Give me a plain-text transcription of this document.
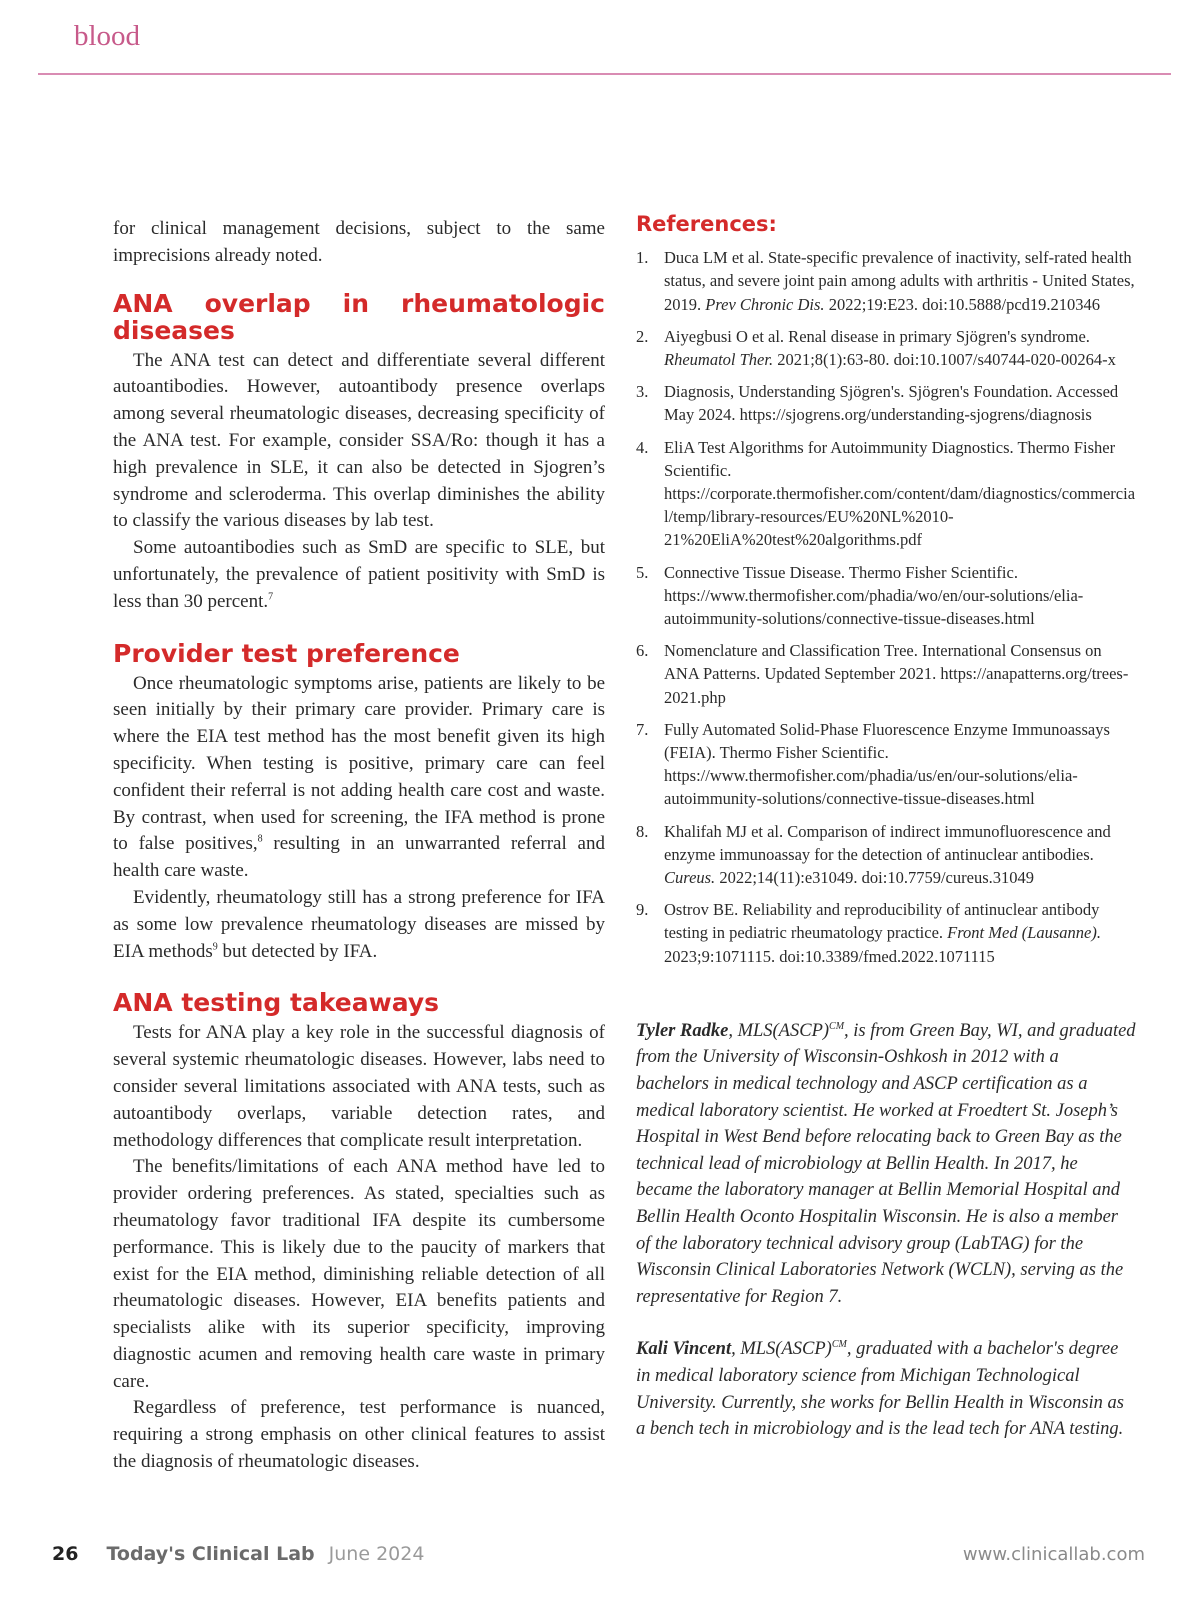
blood

for clinical management decisions, subject to the same imprecisions already noted.

ANA overlap in rheumatologic diseases

The ANA test can detect and differentiate several different autoantibodies. However, autoantibody presence overlaps among several rheumatologic diseases, decreasing specificity of the ANA test. For example, consider SSA/Ro: though it has a high prevalence in SLE, it can also be detected in Sjogren’s syndrome and scleroderma. This overlap diminishes the ability to classify the various diseases by lab test.

Some autoantibodies such as SmD are specific to SLE, but unfortunately, the prevalence of patient positivity with SmD is less than 30 percent.$^7$

Provider test preference

Once rheumatologic symptoms arise, patients are likely to be seen initially by their primary care provider. Primary care is where the EIA test method has the most benefit given its high specificity. When testing is positive, primary care can feel confident their referral is not adding health care cost and waste. By contrast, when used for screening, the IFA method is prone to false positives,$^8$ resulting in an unwarranted referral and health care waste.

Evidently, rheumatology still has a strong preference for IFA as some low prevalence rheumatology diseases are missed by EIA methods$^9$ but detected by IFA.

ANA testing takeaways

Tests for ANA play a key role in the successful diagnosis of several systemic rheumatologic diseases. However, labs need to consider several limitations associated with ANA tests, such as autoantibody overlaps, variable detection rates, and methodology differences that complicate result interpretation.

The benefits/limitations of each ANA method have led to provider ordering preferences. As stated, specialties such as rheumatology favor traditional IFA despite its cumbersome performance. This is likely due to the paucity of markers that exist for the EIA method, diminishing reliable detection of all rheumatologic diseases. However, EIA benefits patients and specialists alike with its superior specificity, improving diagnostic acumen and removing health care waste in primary care.

Regardless of preference, test performance is nuanced, requiring a strong emphasis on other clinical features to assist the diagnosis of rheumatologic diseases.

References:
1. Duca LM et al. State-specific prevalence of inactivity, self-rated health status, and severe joint pain among adults with arthritis - United States, 2019. Prev Chronic Dis. 2022;19:E23. doi:10.5888/pcd19.210346
2. Aiyegbusi O et al. Renal disease in primary Sjögren's syndrome. Rheumatol Ther. 2021;8(1):63-80. doi:10.1007/s40744-020-00264-x
3. Diagnosis, Understanding Sjögren's. Sjögren's Foundation. Accessed May 2024. https://sjogrens.org/understanding-sjogrens/diagnosis
4. EliA Test Algorithms for Autoimmunity Diagnostics. Thermo Fisher Scientific. https://corporate.thermofisher.com/content/dam/diagnostics/commercial/temp/library-resources/EU%20NL%2010-21%20EliA%20test%20algorithms.pdf
5. Connective Tissue Disease. Thermo Fisher Scientific. https://www.thermofisher.com/phadia/wo/en/our-solutions/elia-autoimmunity-solutions/connective-tissue-diseases.html
6. Nomenclature and Classification Tree. International Consensus on ANA Patterns. Updated September 2021. https://anapatterns.org/trees-2021.php
7. Fully Automated Solid-Phase Fluorescence Enzyme Immunoassays (FEIA). Thermo Fisher Scientific. https://www.thermofisher.com/phadia/us/en/our-solutions/elia-autoimmunity-solutions/connective-tissue-diseases.html
8. Khalifah MJ et al. Comparison of indirect immunofluorescence and enzyme immunoassay for the detection of antinuclear antibodies. Cureus. 2022;14(11):e31049. doi:10.7759/cureus.31049
9. Ostrov BE. Reliability and reproducibility of antinuclear antibody testing in pediatric rheumatology practice. Front Med (Lausanne). 2023;9:1071115. doi:10.3389/fmed.2022.1071115

Tyler Radke, MLS(ASCP)$^{CM}$, is from Green Bay, WI, and graduated from the University of Wisconsin-Oshkosh in 2012 with a bachelors in medical technology and ASCP certification as a medical laboratory scientist. He worked at Froedtert St. Joseph’s Hospital in West Bend before relocating back to Green Bay as the technical lead of microbiology at Bellin Health. In 2017, he became the laboratory manager at Bellin Memorial Hospital and Bellin Health Oconto Hospitalin Wisconsin. He is also a member of the laboratory technical advisory group (LabTAG) for the Wisconsin Clinical Laboratories Network (WCLN), serving as the representative for Region 7.

Kali Vincent, MLS(ASCP)$^{CM}$, graduated with a bachelor's degree in medical laboratory science from Michigan Technological University. Currently, she works for Bellin Health in Wisconsin as a bench tech in microbiology and is the lead tech for ANA testing.

26 Today's Clinical Lab June 2024	www.clinicallab.com
